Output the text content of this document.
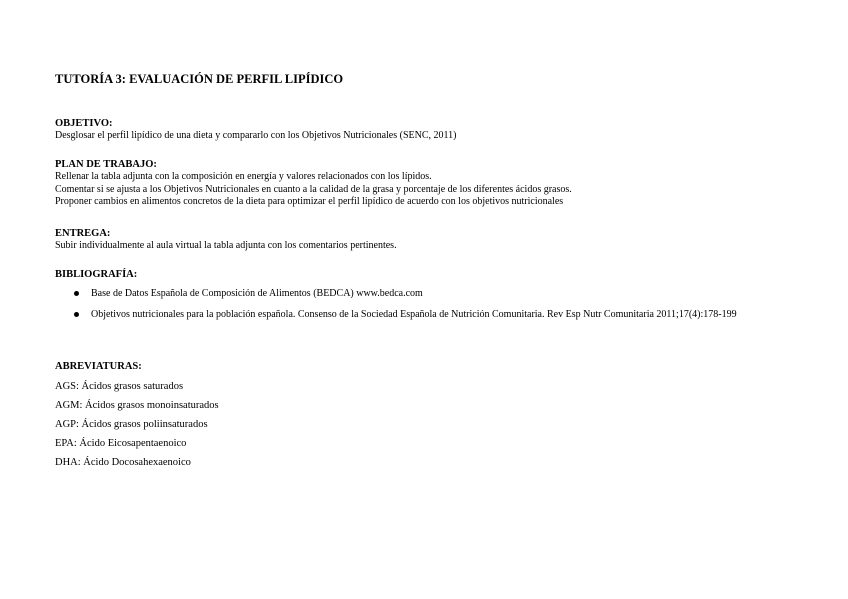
TUTORÍA 3: EVALUACIÓN DE PERFIL LIPÍDICO
OBJETIVO:
Desglosar el perfil lipídico de una dieta y compararlo con los Objetivos Nutricionales (SENC, 2011)
PLAN DE TRABAJO:
Rellenar la tabla adjunta con la composición en energía y valores relacionados con los lípidos.
Comentar si se ajusta a los Objetivos Nutricionales en cuanto a la calidad de la grasa y porcentaje de los diferentes ácidos grasos.
Proponer cambios en alimentos concretos de la dieta para optimizar el perfil lipídico de acuerdo con los objetivos nutricionales
ENTREGA:
Subir individualmente al aula virtual la tabla adjunta con los comentarios pertinentes.
BIBLIOGRAFÍA:
Base de Datos Española de Composición de Alimentos (BEDCA) www.bedca.com
Objetivos nutricionales para la población española. Consenso de la Sociedad Española de Nutrición Comunitaria. Rev Esp Nutr Comunitaria 2011;17(4):178-199
ABREVIATURAS:
AGS: Ácidos grasos saturados
AGM: Ácidos grasos monoinsaturados
AGP: Ácidos grasos poliinsaturados
EPA: Ácido Eicosapentaenoico
DHA: Ácido Docosahexaenoico
